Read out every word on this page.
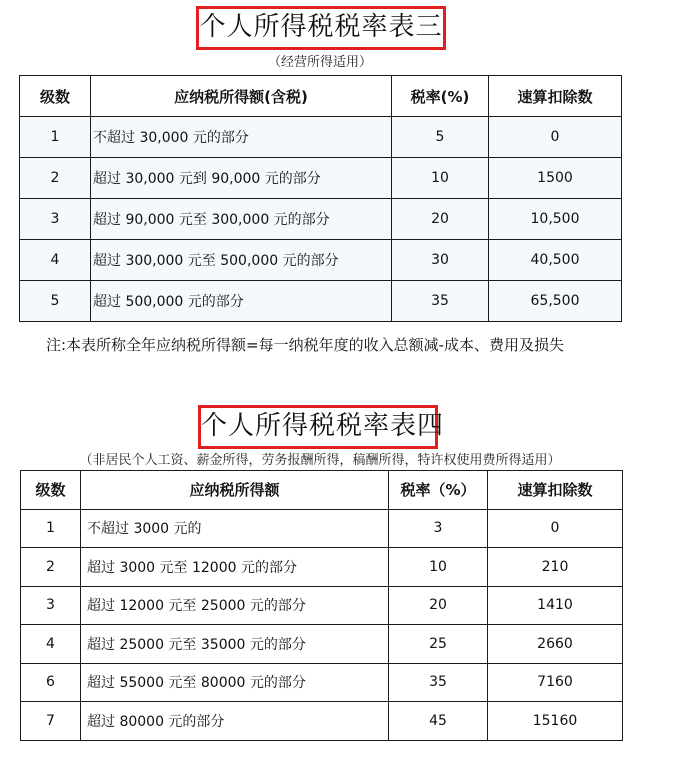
个人所得税税率表三
（经营所得适用）
级数	应纳税所得额(含税)	税率(%)	速算扣除数
1	不超过 30,000 元的部分	5	0
2	超过 30,000 元到 90,000 元的部分	10	1500
3	超过 90,000 元至 300,000 元的部分	20	10,500
4	超过 300,000 元至 500,000 元的部分	30	40,500
5	超过 500,000 元的部分	35	65,500
注:本表所称全年应纳税所得额=每一纳税年度的收入总额减-成本、费用及损失
个人所得税税率表四
（非居民个人工资、薪金所得，劳务报酬所得，稿酬所得，特许权使用费所得适用）
级数	应纳税所得额	税率（%）	速算扣除数
1	不超过 3000 元的	3	0
2	超过 3000 元至 12000 元的部分	10	210
3	超过 12000 元至 25000 元的部分	20	1410
4	超过 25000 元至 35000 元的部分	25	2660
6	超过 55000 元至 80000 元的部分	35	7160
7	超过 80000 元的部分	45	15160
